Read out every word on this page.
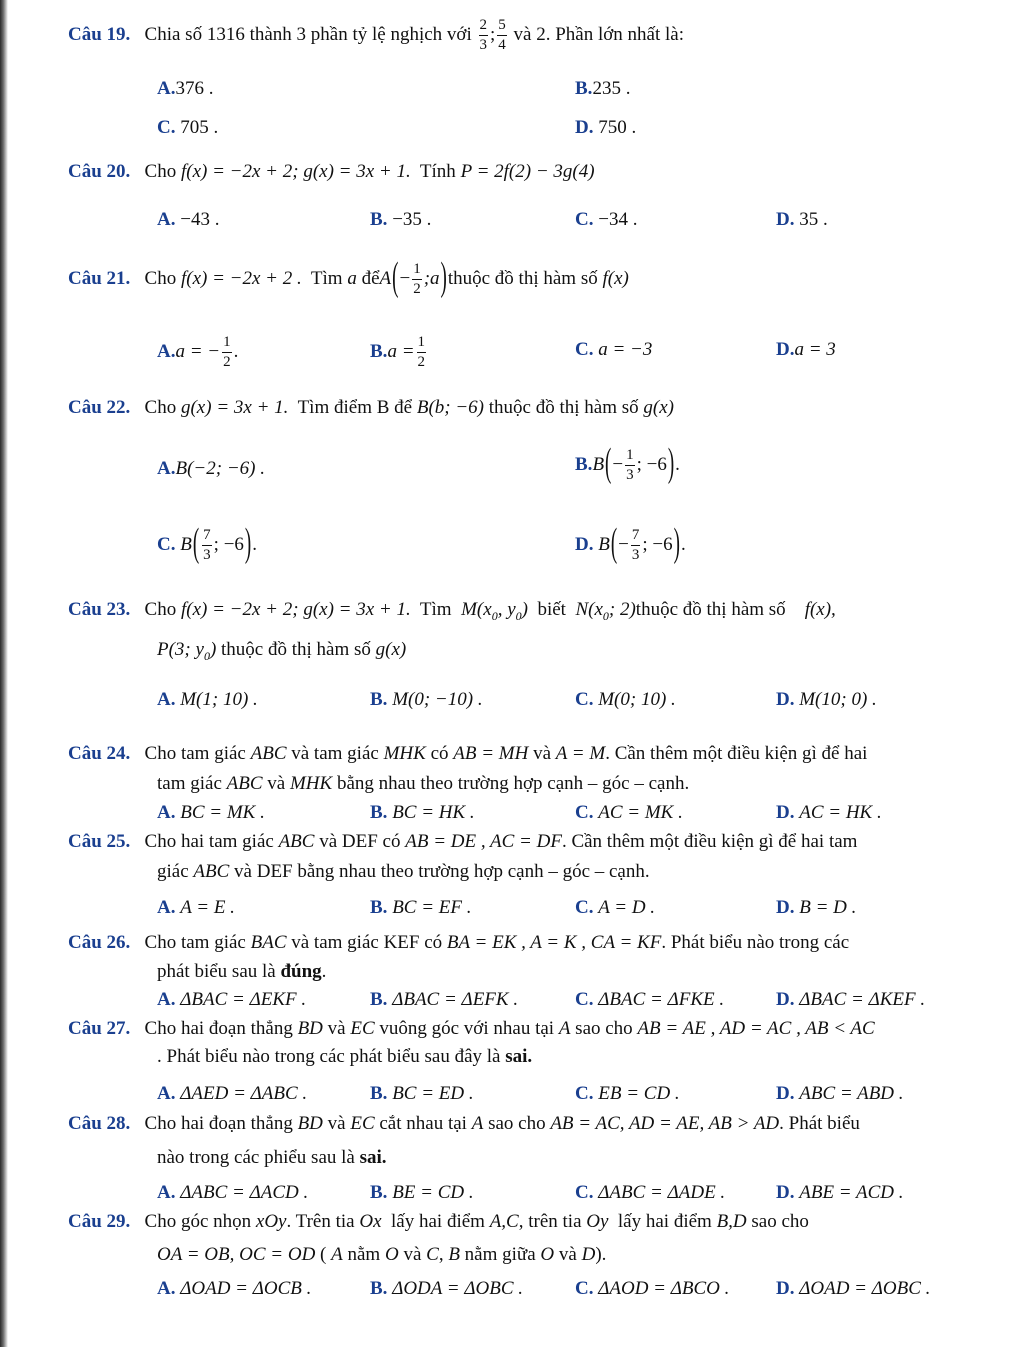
Câu 19. Chia số 1316 thành 3 phần tỷ lệ nghịch với $\frac{2}{3}$ ; $\frac{5}{4}$ và 2. Phần lớn nhất là:
A.376 .	B.235 .
C. 705 .	D. 750 .
Câu 20. Cho f(x) = −2x + 2; g(x) = 3x + 1. Tính P = 2f(2) − 3g(4)
A. −43 .	B. −35 .	C. −34 .	D. 35 .
Câu 21. Cho f(x) = −2x + 2 . Tìm a đểA(− $\frac{1}{2}$ ;a)thuộc đồ thị hàm số f(x)
A.a = − $\frac{1}{2}$ .	$B.a = \frac{1}{2}$	C. a = −3	D.a = 3
Câu 22. Cho g(x) = 3x + 1. Tìm điểm B để B(b; −6) thuộc đồ thị hàm số g(x)
A.B(−2; −6) .	$B.B(- \frac{1}{3}$ ; −6).
C. $B( \frac{7}{3}$ ; −6).	D. $B(- \frac{7}{3}$ ; −6).
Câu 23. Cho f(x) = −2x + 2; g(x) = 3x + 1. Tìm $M(x_0$, $y_0$) biết $N(x_0$; 2)thuộc đồ thị hàm số f(x),
P(3; $y_0$) thuộc đồ thị hàm số g(x)
A. M(1; 10) .	B. M(0; −10) .	C. M(0; 10) .	D. M(10; 0) .
Câu 24. Cho tam giác ABC và tam giác MHK có AB = MH và A = M. Cần thêm một điều kiện gì để hai
tam giác ABC và MHK bằng nhau theo trường hợp cạnh – góc – cạnh.
A. BC = MK .	B. BC = HK .	C. AC = MK .	D. AC = HK .
Câu 25. Cho hai tam giác ABC và DEF có AB = DE , AC = DF. Cần thêm một điều kiện gì để hai tam
giác ABC và DEF bằng nhau theo trường hợp cạnh – góc – cạnh.
A. A = E .	B. BC = EF .	C. A = D .	D. B = D .
Câu 26. Cho tam giác BAC và tam giác KEF có BA = EK , A = K , CA = KF. Phát biểu nào trong các
phát biểu sau là đúng.
A. ΔBAC = ΔEKF .	B. ΔBAC = ΔEFK .	C. ΔBAC = ΔFKE .	D. ΔBAC = ΔKEF .
Câu 27. Cho hai đoạn thẳng BD và EC vuông góc với nhau tại A sao cho AB = AE , AD = AC , AB < AC
. Phát biểu nào trong các phát biểu sau đây là sai.
A. ΔAED = ΔABC .	B. BC = ED .	C. EB = CD .	D. ABC = ABD .
Câu 28. Cho hai đoạn thẳng BD và EC cắt nhau tại A sao cho AB = AC, AD = AE, AB > AD. Phát biểu
nào trong các phiểu sau là sai.
A. ΔABC = ΔACD .	B. BE = CD .	C. ΔABC = ΔADE .	D. ABE = ACD .
Câu 29. Cho góc nhọn xOy. Trên tia Ox lấy hai điểm A,C, trên tia Oy lấy hai điểm B,D sao cho
OA = OB, OC = OD ( A nằm O và C, B nằm giữa O và D).
A. ΔOAD = ΔOCB .	B. ΔODA = ΔOBC .	C. ΔAOD = ΔBCO . D. ΔOAD = ΔOBC .
